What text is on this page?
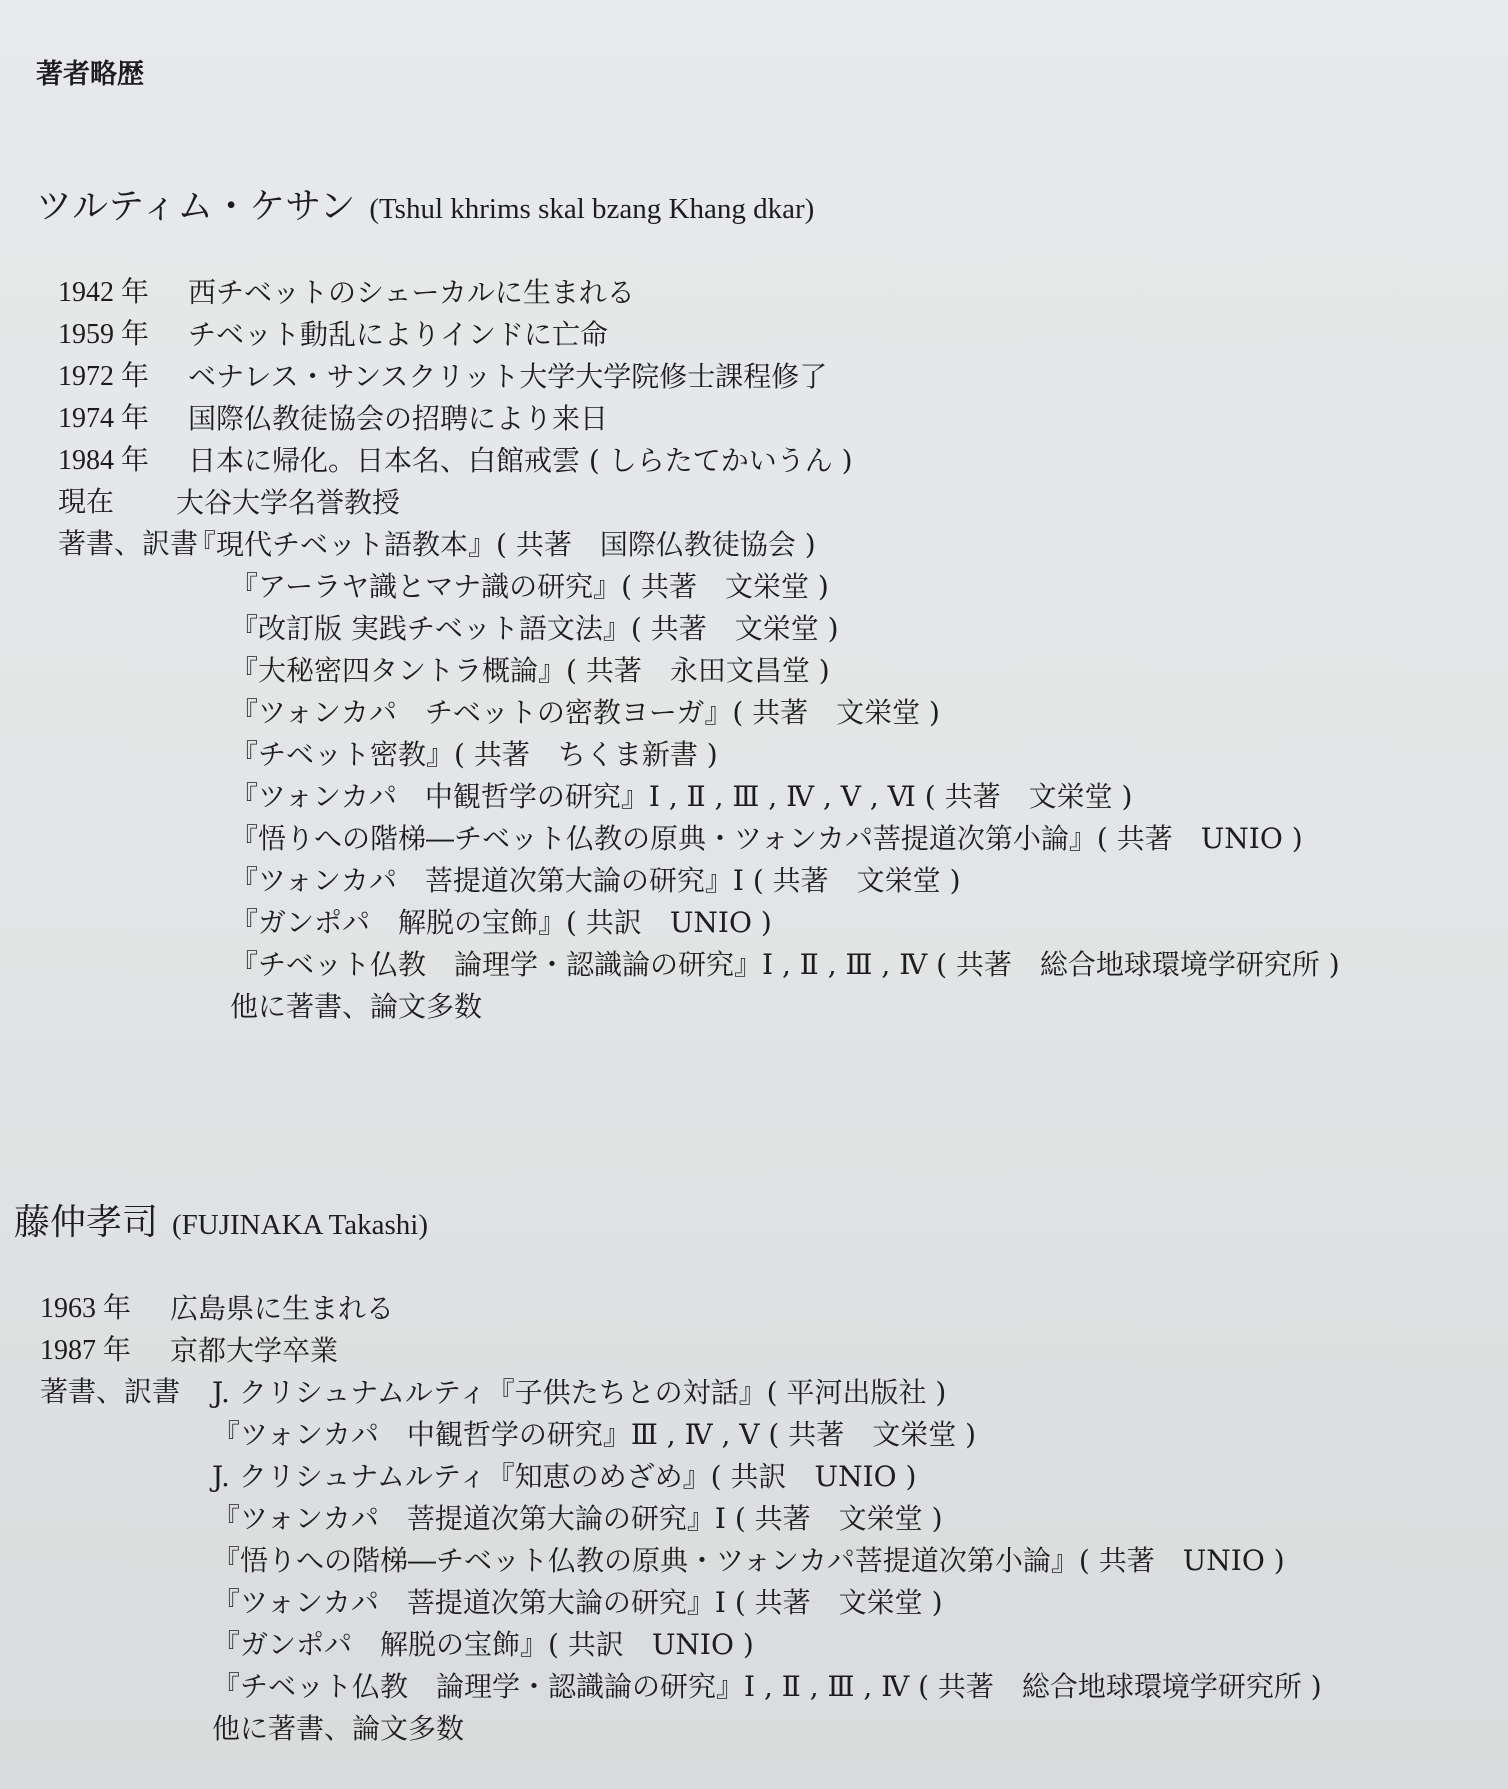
著者略歴
ツルティム・ケサン (Tshul khrims skal bzang Khang dkar)
1942 年 西チベットのシェーカルに生まれる
1959 年 チベット動乱によりインドに亡命
1972 年 ベナレス・サンスクリット大学大学院修士課程修了
1974 年 国際仏教徒協会の招聘により来日
1984 年 日本に帰化。日本名、白館戒雲 ( しらたてかいうん )
現在 大谷大学名誉教授
著書、訳書
『現代チベット語教本』( 共著　国際仏教徒協会 )
『アーラヤ識とマナ識の研究』( 共著　文栄堂 )
『改訂版 実践チベット語文法』( 共著　文栄堂 )
『大秘密四タントラ概論』( 共著　永田文昌堂 )
『ツォンカパ　チベットの密教ヨーガ』( 共著　文栄堂 )
『チベット密教』( 共著　ちくま新書 )
『ツォンカパ　中観哲学の研究』Ⅰ , Ⅱ , Ⅲ , Ⅳ , Ⅴ , Ⅵ ( 共著　文栄堂 )
『悟りへの階梯―チベット仏教の原典・ツォンカパ菩提道次第小論』( 共著　UNIO )
『ツォンカパ　菩提道次第大論の研究』Ⅰ ( 共著　文栄堂 )
『ガンポパ　解脱の宝飾』( 共訳　UNIO )
『チベット仏教　論理学・認識論の研究』Ⅰ , Ⅱ , Ⅲ , Ⅳ ( 共著　総合地球環境学研究所 )
他に著書、論文多数
藤仲孝司 (FUJINAKA Takashi)
1963 年 広島県に生まれる
1987 年 京都大学卒業
著書、訳書 J. クリシュナムルティ『子供たちとの対話』( 平河出版社 )
『ツォンカパ　中観哲学の研究』Ⅲ , Ⅳ , Ⅴ ( 共著　文栄堂 )
J. クリシュナムルティ『知恵のめざめ』( 共訳　UNIO )
『ツォンカパ　菩提道次第大論の研究』Ⅰ ( 共著　文栄堂 )
『悟りへの階梯―チベット仏教の原典・ツォンカパ菩提道次第小論』( 共著　UNIO )
『ツォンカパ　菩提道次第大論の研究』Ⅰ ( 共著　文栄堂 )
『ガンポパ　解脱の宝飾』( 共訳　UNIO )
『チベット仏教　論理学・認識論の研究』Ⅰ , Ⅱ , Ⅲ , Ⅳ ( 共著　総合地球環境学研究所 )
他に著書、論文多数
